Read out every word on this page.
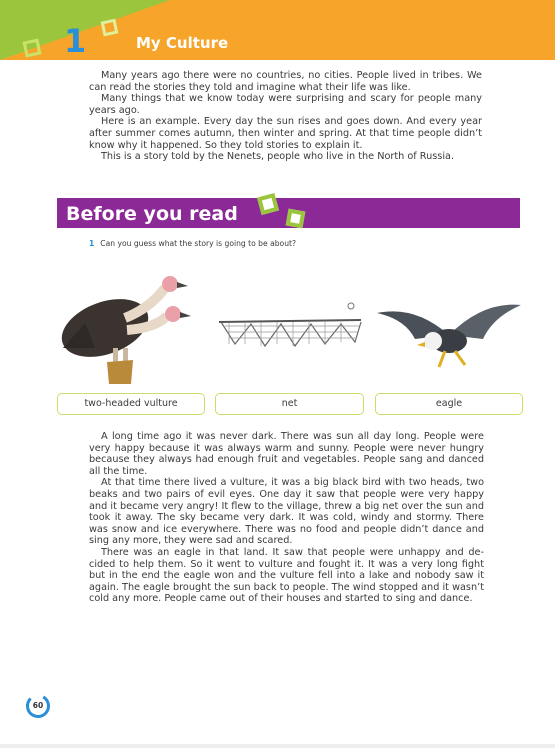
1	My Culture

Many years ago there were no countries, no cities. People lived in tribes. We can read the stories they told and imagine what their life was like.

Many things that we know today were surprising and scary for people many years ago.

Here is an example. Every day the sun rises and goes down. And every year after summer comes autumn, then winter and spring. At that time people didn’t know why it happened. So they told stories to explain it.

This is a story told by the Nenets, people who live in the North of Russia.

Before you read
1 Can you guess what the story is going to be about?
two-headed vulture	net	eagle

A long time ago it was never dark. There was sun all day long. People were very happy because it was always warm and sunny. People were never hungry because they always had enough fruit and vegetables. People sang and danced all the time.

At that time there lived a vulture, it was a big black bird with two heads, two beaks and two pairs of evil eyes. One day it saw that people were very happy and it became very angry! It flew to the village, threw a big net over the sun and took it away. The sky became very dark. It was cold, windy and stormy. There was snow and ice everywhere. There was no food and people didn’t dance and sing any more, they were sad and scared.

There was an eagle in that land. It saw that people were unhappy and de-cided to help them. So it went to vulture and fought it. It was a very long fight but in the end the eagle won and the vulture fell into a lake and nobody saw it again. The eagle brought the sun back to people. The wind stopped and it wasn’t cold any more. People came out of their houses and started to sing and dance.

60
